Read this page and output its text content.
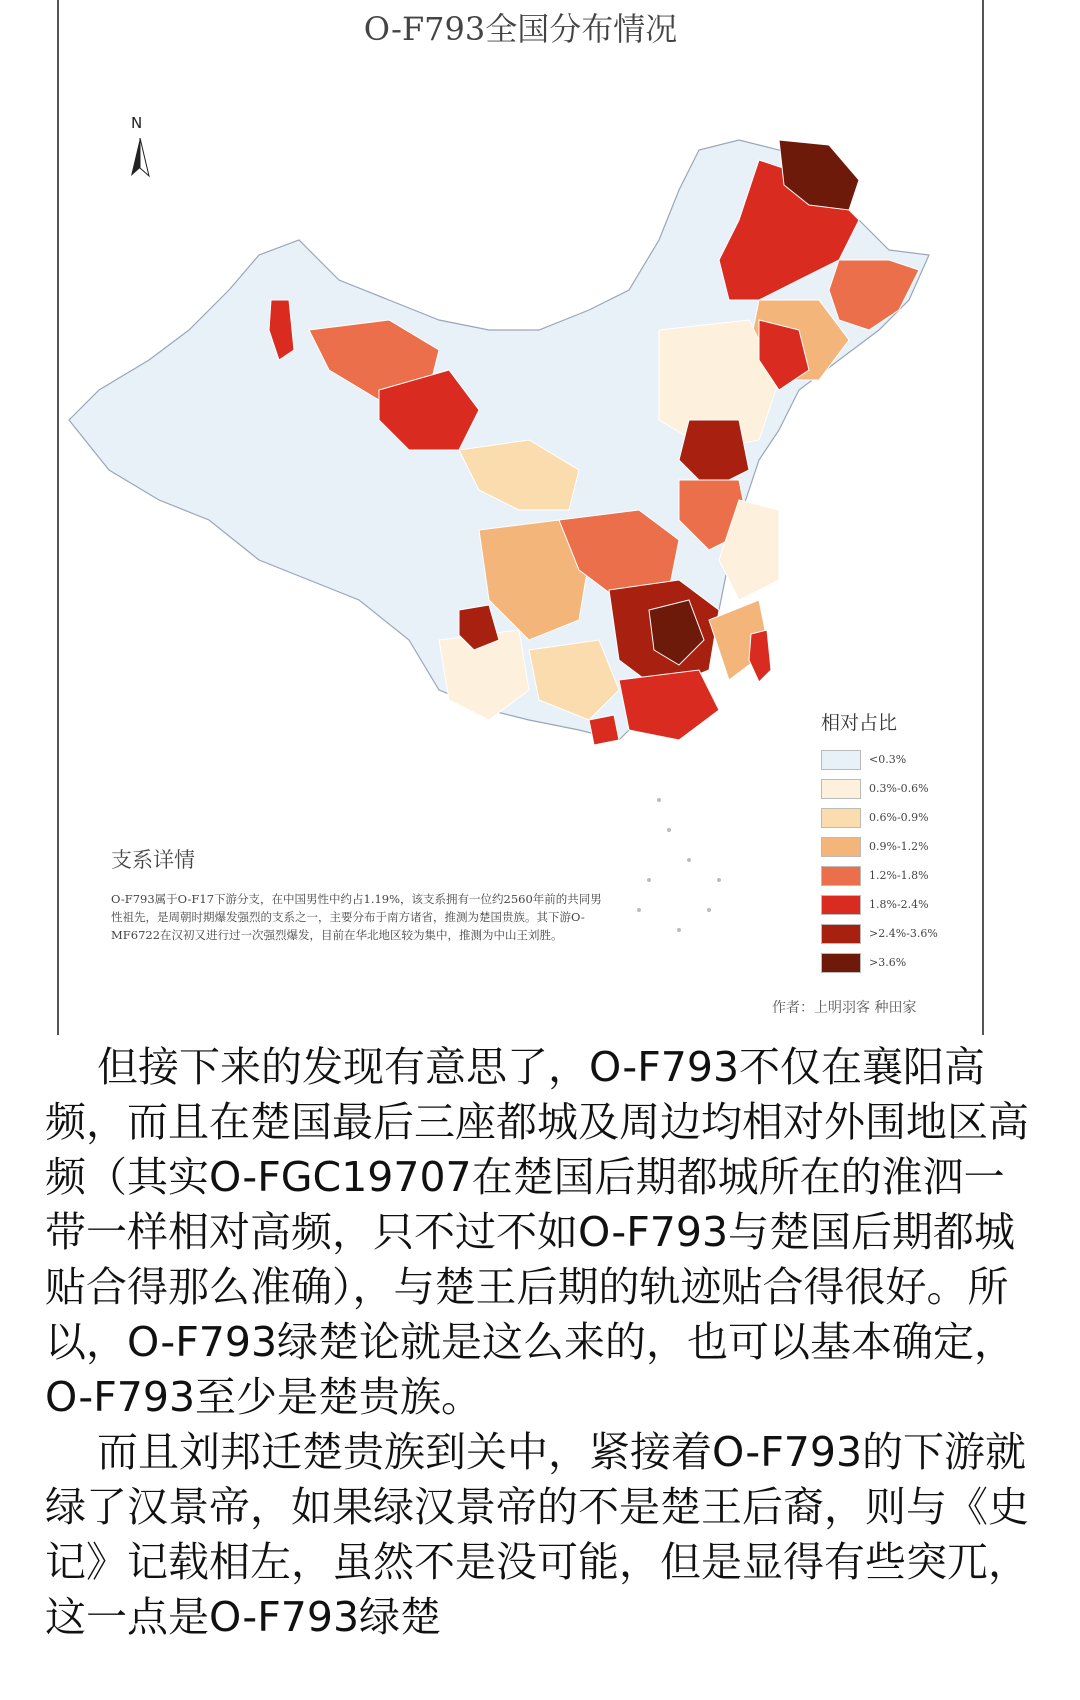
O-F793全国分布情况
N
相对占比
<0.3%
0.3%-0.6%
0.6%-0.9%
0.9%-1.2%
1.2%-1.8%
1.8%-2.4%
>2.4%-3.6%
>3.6%
支系详情
O-F793属于O-F17下游分支，在中国男性中约占1.19%，该支系拥有一位约2560年前的共同男性祖先，是周朝时期爆发强烈的支系之一，主要分布于南方诸省，推测为楚国贵族。其下游O-MF6722在汉初又进行过一次强烈爆发，目前在华北地区较为集中，推测为中山王刘胜。
作者：上明羽客 种田家

但接下来的发现有意思了，O-F793不仅在襄阳高频，而且在楚国最后三座都城及周边均相对外围地区高频（其实O-FGC19707在楚国后期都城所在的淮泗一带一样相对高频，只不过不如O-F793与楚国后期都城贴合得那么准确），与楚王后期的轨迹贴合得很好。所以，O-F793绿楚论就是这么来的，也可以基本确定，O-F793至少是楚贵族。

而且刘邦迁楚贵族到关中，紧接着O-F793的下游就绿了汉景帝，如果绿汉景帝的不是楚王后裔，则与《史记》记载相左，虽然不是没可能，但是显得有些突兀，这一点是O-F793绿楚
